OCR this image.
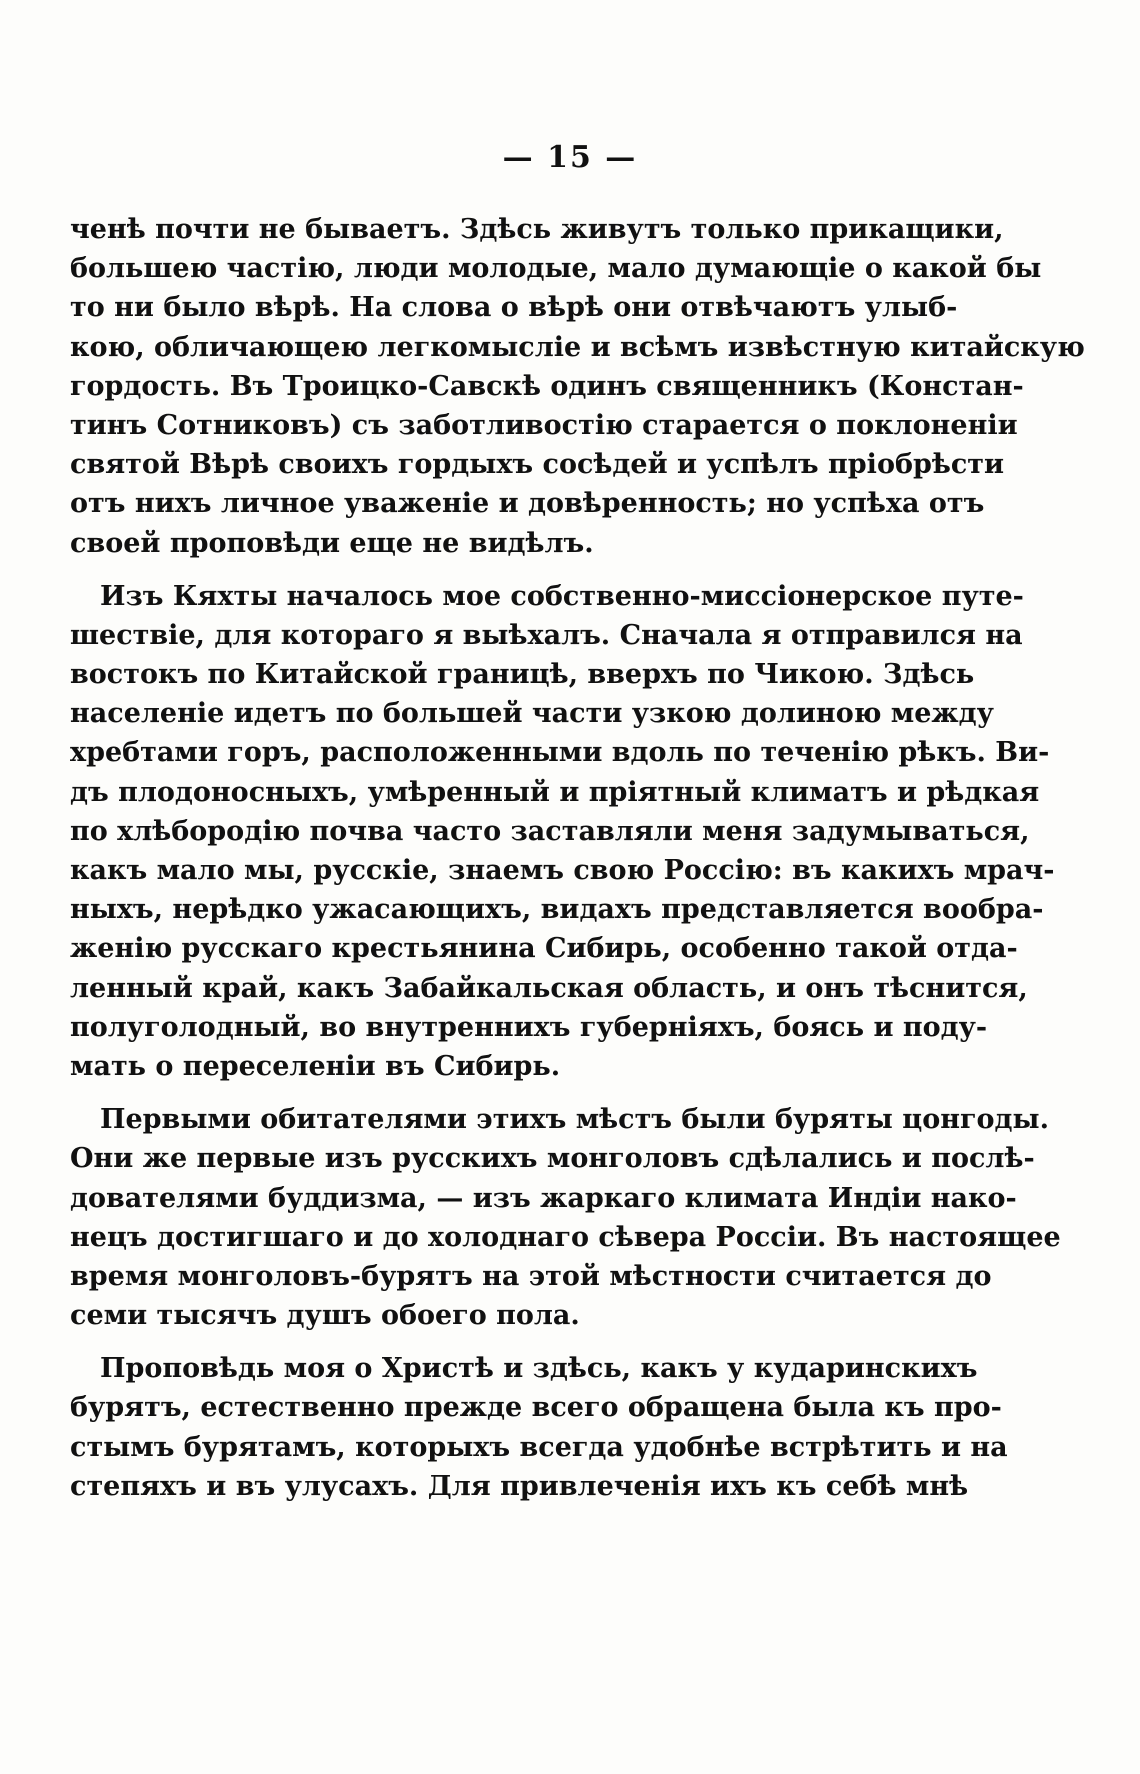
— 15 —
ченѣ почти не бываетъ. Здѣсь живутъ только прикащики,
большею частію, люди молодые, мало думающіе о какой бы
то ни было вѣрѣ. На слова о вѣрѣ они отвѣчаютъ улыб-
кою, обличающею легкомысліе и всѣмъ извѣстную китайскую
гордость. Въ Троицко-Савскѣ одинъ священникъ (Констан-
тинъ Сотниковъ) съ заботливостію старается о поклоненіи
святой Вѣрѣ своихъ гордыхъ сосѣдей и успѣлъ пріобрѣсти
отъ нихъ личное уваженіе и довѣренность; но успѣха отъ
своей проповѣди еще не видѣлъ.
Изъ Кяхты началось мое собственно-миссіонерское путе-
шествіе, для котораго я выѣхалъ. Сначала я отправился на
востокъ по Китайской границѣ, вверхъ по Чикою. Здѣсь
населеніе идетъ по большей части узкою долиною между
хребтами горъ, расположенными вдоль по теченію рѣкъ. Ви-
дъ плодоносныхъ, умѣренный и пріятный климатъ и рѣдкая
по хлѣбородію почва часто заставляли меня задумываться,
какъ мало мы, русскіе, знаемъ свою Россію: въ какихъ мрач-
ныхъ, нерѣдко ужасающихъ, видахъ представляется вообра-
женію русскаго крестьянина Сибирь, особенно такой отда-
ленный край, какъ Забайкальская область, и онъ тѣснится,
полуголодный, во внутреннихъ губерніяхъ, боясь и поду-
мать о переселеніи въ Сибирь.
Первыми обитателями этихъ мѣстъ были буряты цонгоды.
Они же первые изъ русскихъ монголовъ сдѣлались и послѣ-
дователями буддизма, — изъ жаркаго климата Индіи нако-
нецъ достигшаго и до холоднаго сѣвера Россіи. Въ настоящее
время монголовъ-бурятъ на этой мѣстности считается до
семи тысячъ душъ обоего пола.
Проповѣдь моя о Христѣ и здѣсь, какъ у кударинскихъ
бурятъ, естественно прежде всего обращена была къ про-
стымъ бурятамъ, которыхъ всегда удобнѣе встрѣтить и на
степяхъ и въ улусахъ. Для привлеченія ихъ къ себѣ мнѣ
